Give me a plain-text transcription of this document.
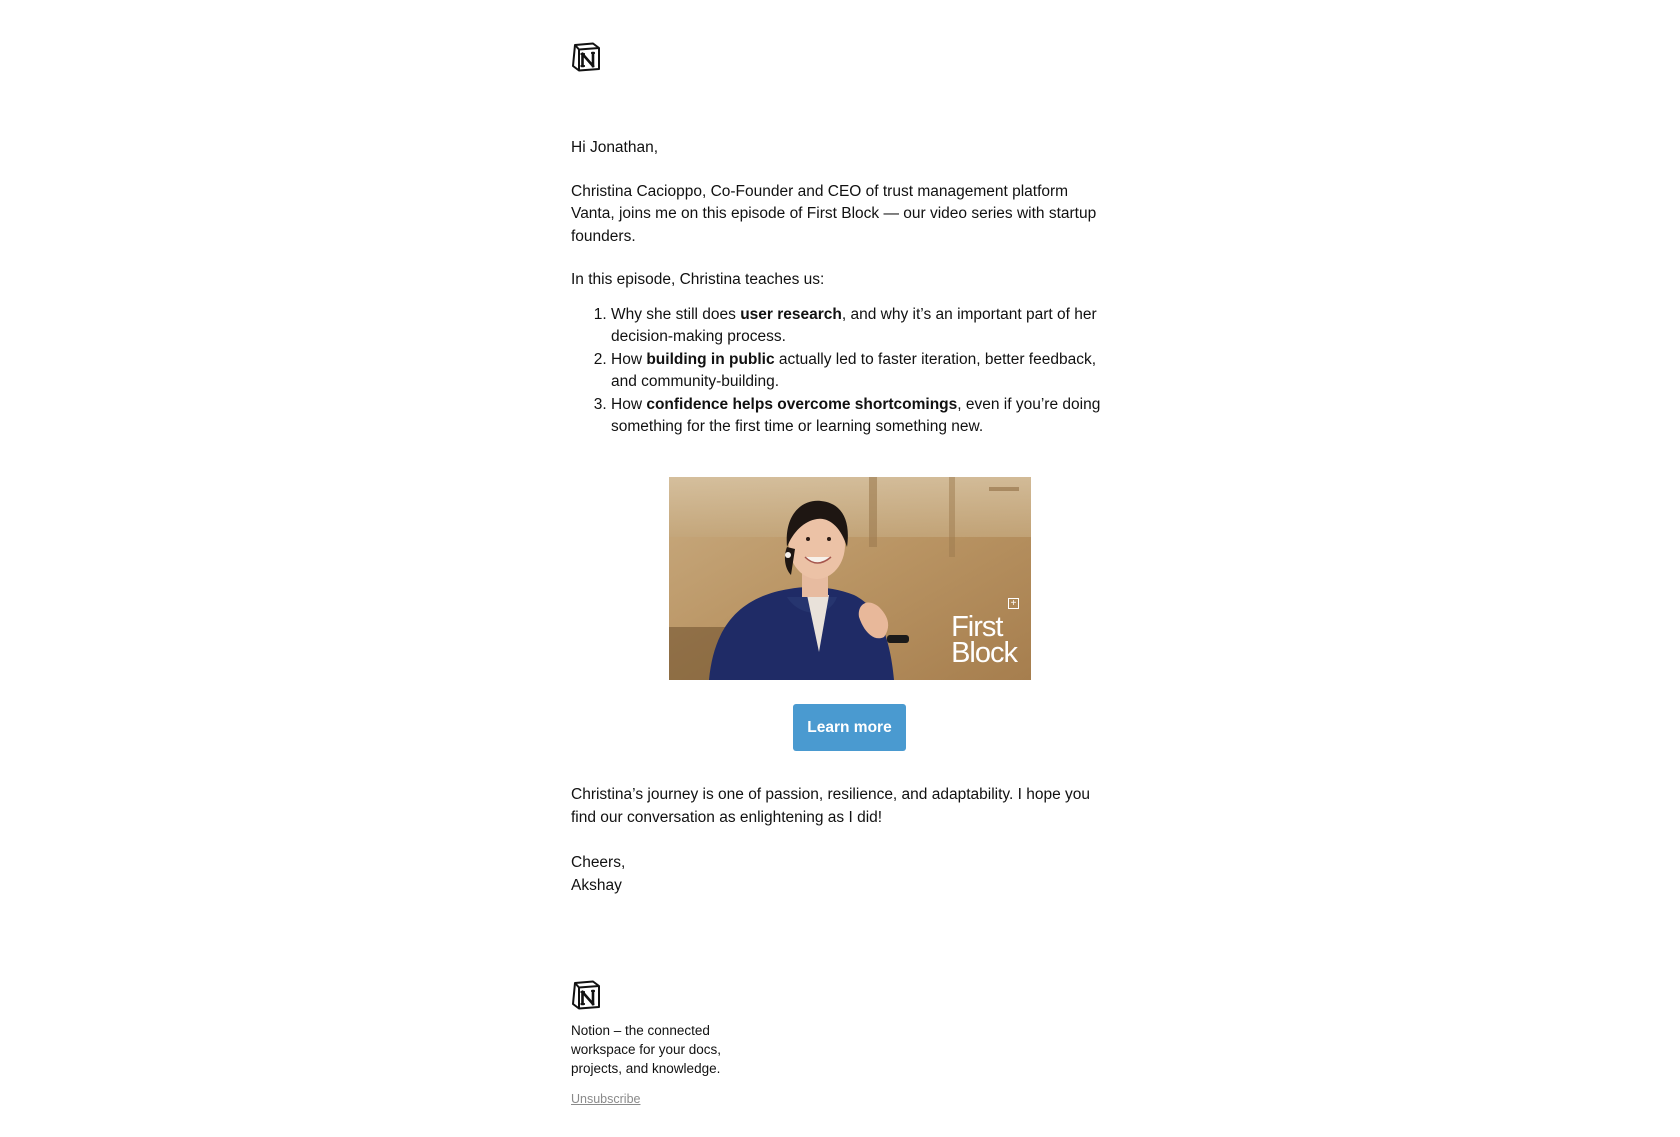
Hi Jonathan,

Christina Cacioppo, Co-Founder and CEO of trust management platform Vanta, joins me on this episode of First Block — our video series with startup founders.

In this episode, Christina teaches us:

1. Why she still does user research, and why it’s an important part of her decision-making process.
2. How building in public actually led to faster iteration, better feedback, and community-building.
3. How confidence helps overcome shortcomings, even if you’re doing something for the first time or learning something new.
+
First
Block
Learn more

Christina’s journey is one of passion, resilience, and adaptability. I hope you find our conversation as enlightening as I did!

Cheers,

Akshay

Notion – the connected workspace for your docs, projects, and knowledge.
Unsubscribe
